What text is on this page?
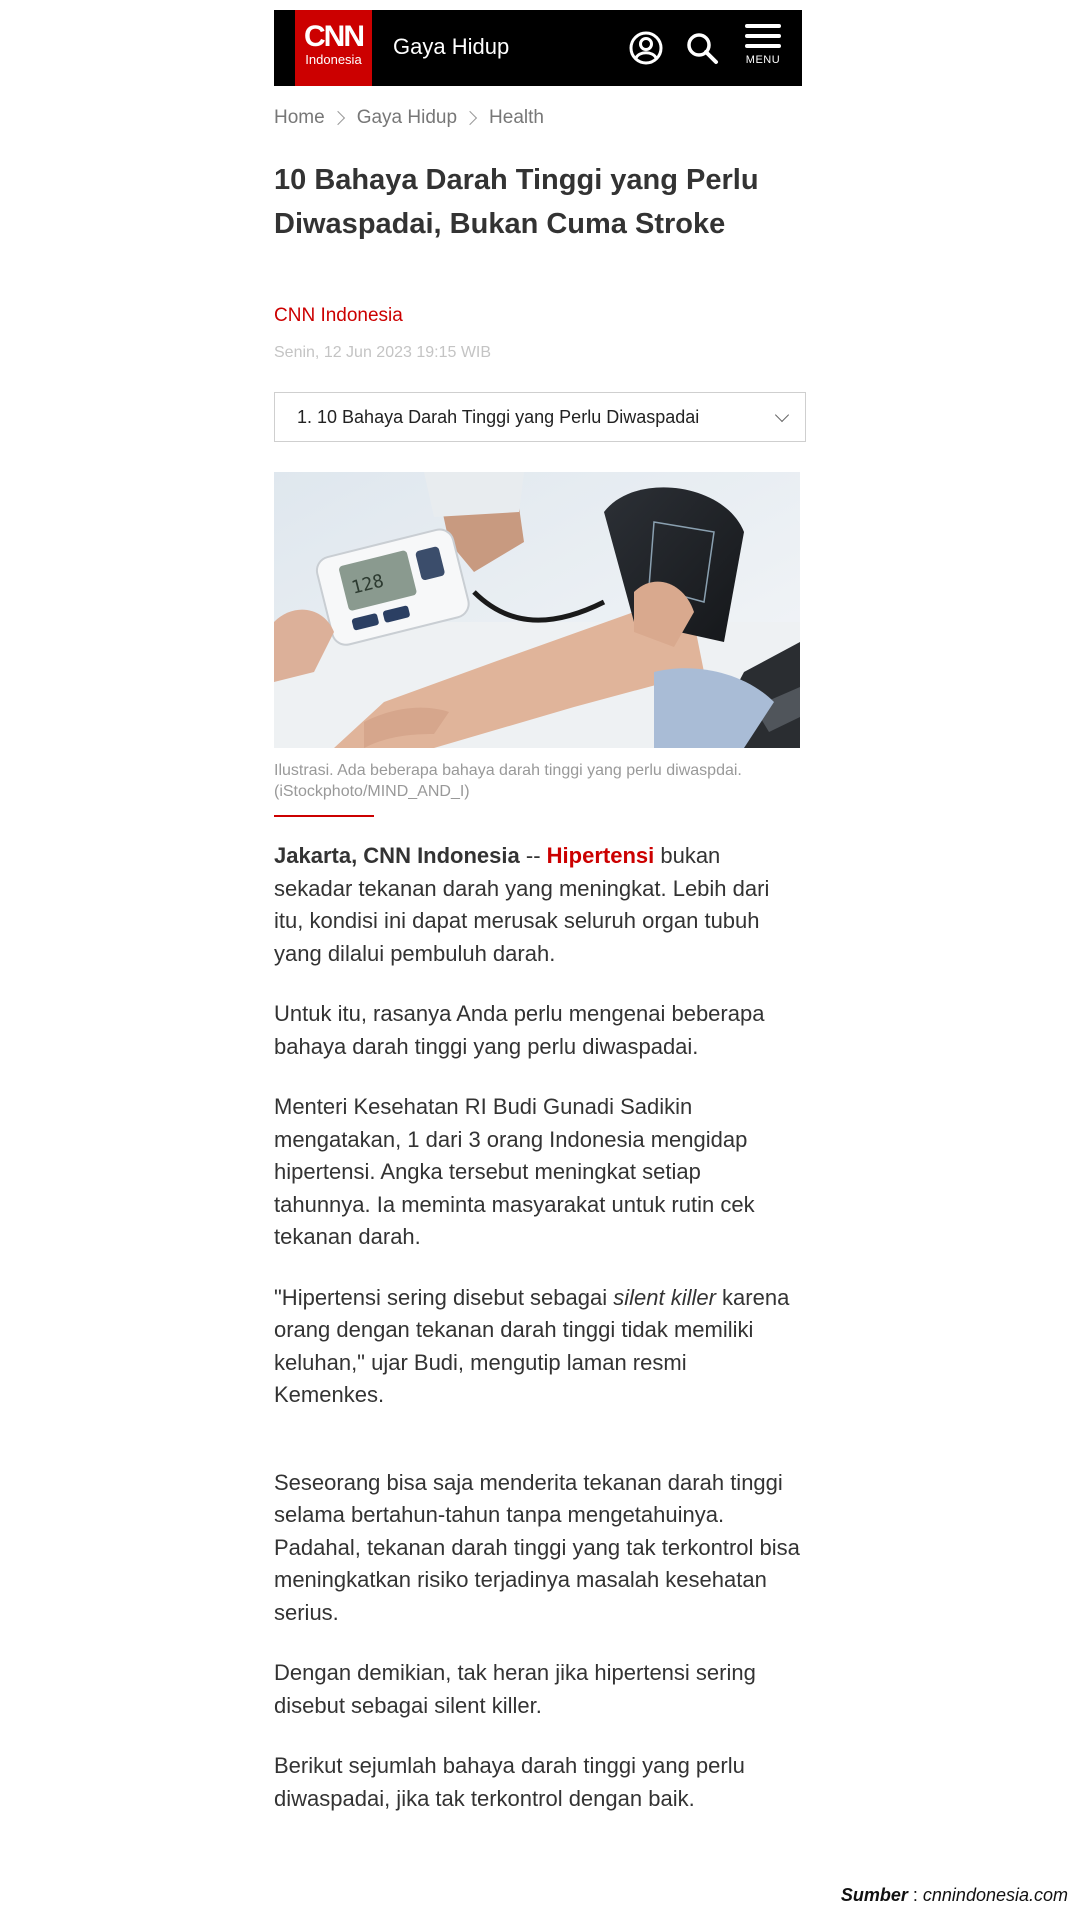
CNN
Indonesia
Gaya Hidup
MENU
Home Gaya Hidup Health
10 Bahaya Darah Tinggi yang Perlu Diwaspadai, Bukan Cuma Stroke
CNN Indonesia
Senin, 12 Jun 2023 19:15 WIB
1. 10 Bahaya Darah Tinggi yang Perlu Diwaspadai
128
Ilustrasi. Ada beberapa bahaya darah tinggi yang perlu diwaspdai. (iStockphoto/MIND_AND_I)

Jakarta, CNN Indonesia -- Hipertensi bukan sekadar tekanan darah yang meningkat. Lebih dari itu, kondisi ini dapat merusak seluruh organ tubuh yang dilalui pembuluh darah.

Untuk itu, rasanya Anda perlu mengenai beberapa bahaya darah tinggi yang perlu diwaspadai.

Menteri Kesehatan RI Budi Gunadi Sadikin mengatakan, 1 dari 3 orang Indonesia mengidap hipertensi. Angka tersebut meningkat setiap tahunnya. Ia meminta masyarakat untuk rutin cek tekanan darah.

"Hipertensi sering disebut sebagai silent killer karena orang dengan tekanan darah tinggi tidak memiliki keluhan," ujar Budi, mengutip laman resmi Kemenkes.

Seseorang bisa saja menderita tekanan darah tinggi selama bertahun-tahun tanpa mengetahuinya. Padahal, tekanan darah tinggi yang tak terkontrol bisa meningkatkan risiko terjadinya masalah kesehatan serius.

Dengan demikian, tak heran jika hipertensi sering disebut sebagai silent killer.

Berikut sejumlah bahaya darah tinggi yang perlu diwaspadai, jika tak terkontrol dengan baik.

Sumber : cnnindonesia.com
